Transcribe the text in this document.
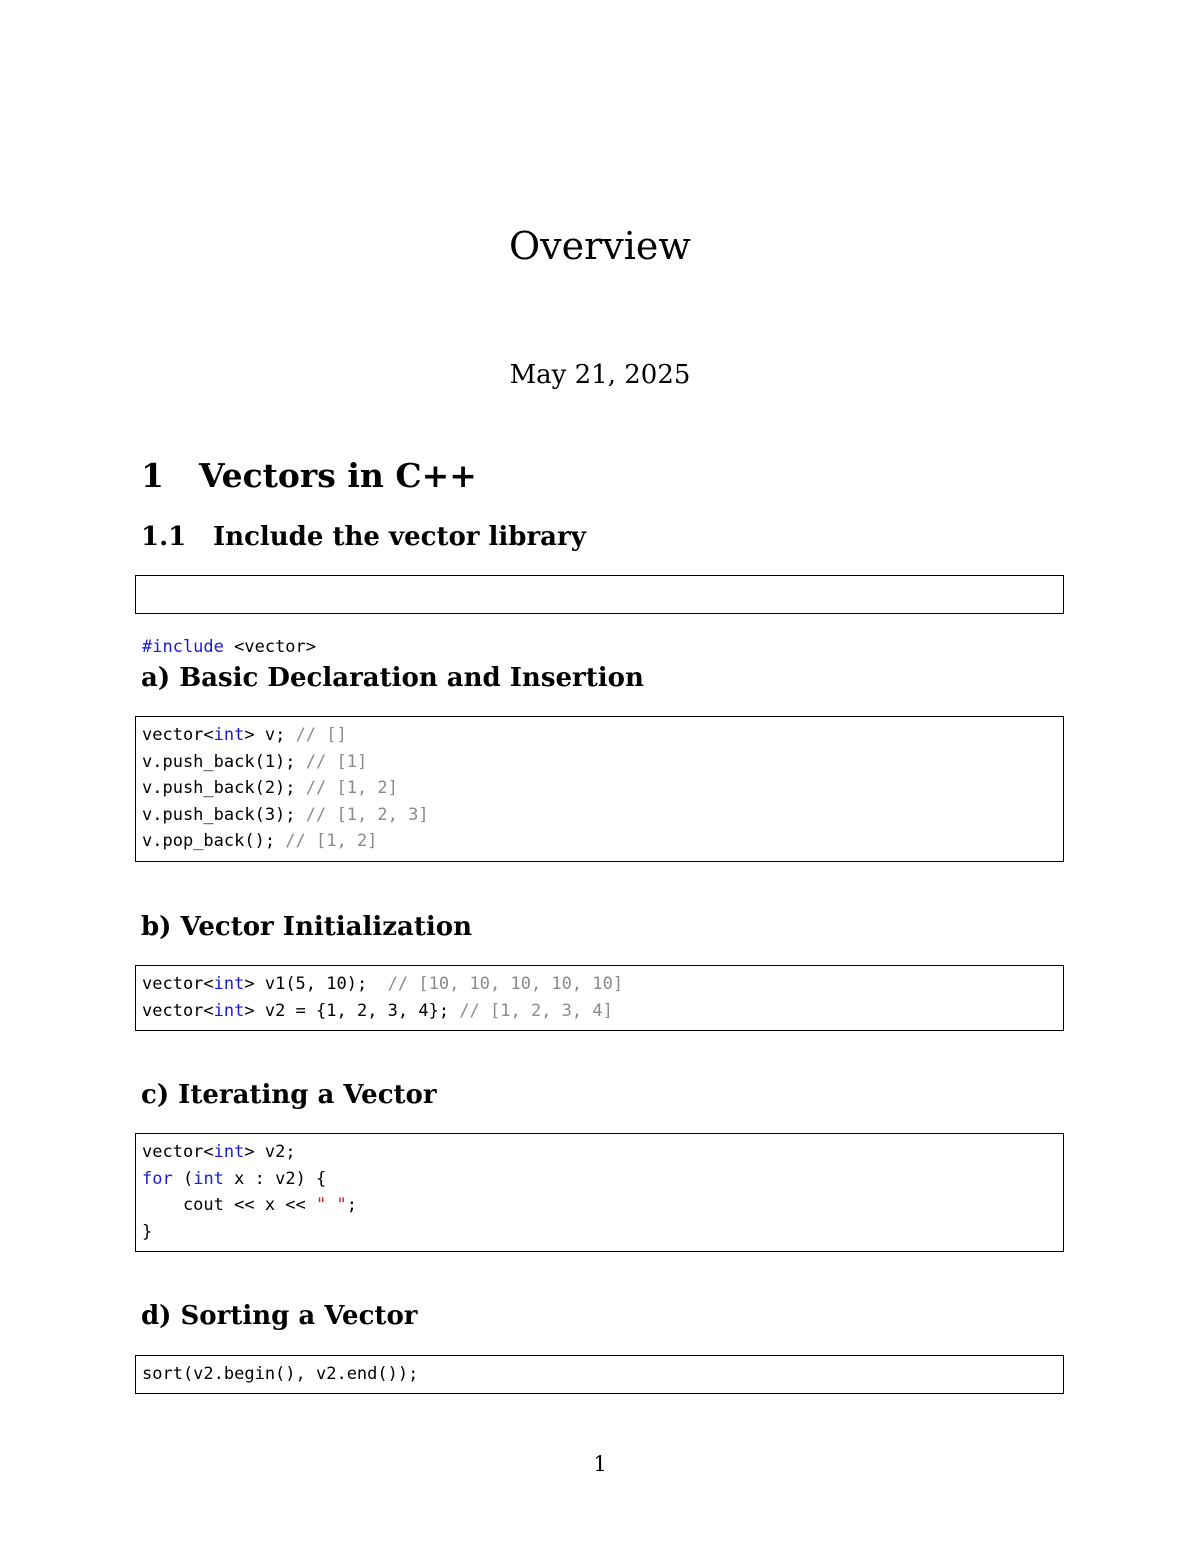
Overview
May 21, 2025
1 Vectors in C++
1.1 Include the vector library

#include <vector>

a) Basic Declaration and Insertion
vector<int> v; // []
v.push_back(1); // [1]
v.push_back(2); // [1, 2]
v.push_back(3); // [1, 2, 3]
v.pop_back(); // [1, 2]
b) Vector Initialization
vector<int> v1(5, 10);  // [10, 10, 10, 10, 10]
vector<int> v2 = {1, 2, 3, 4}; // [1, 2, 3, 4]
c) Iterating a Vector
vector<int> v2;
for (int x : v2) {
cout << x << " ";
}
d) Sorting a Vector
sort(v2.begin(), v2.end());
1
